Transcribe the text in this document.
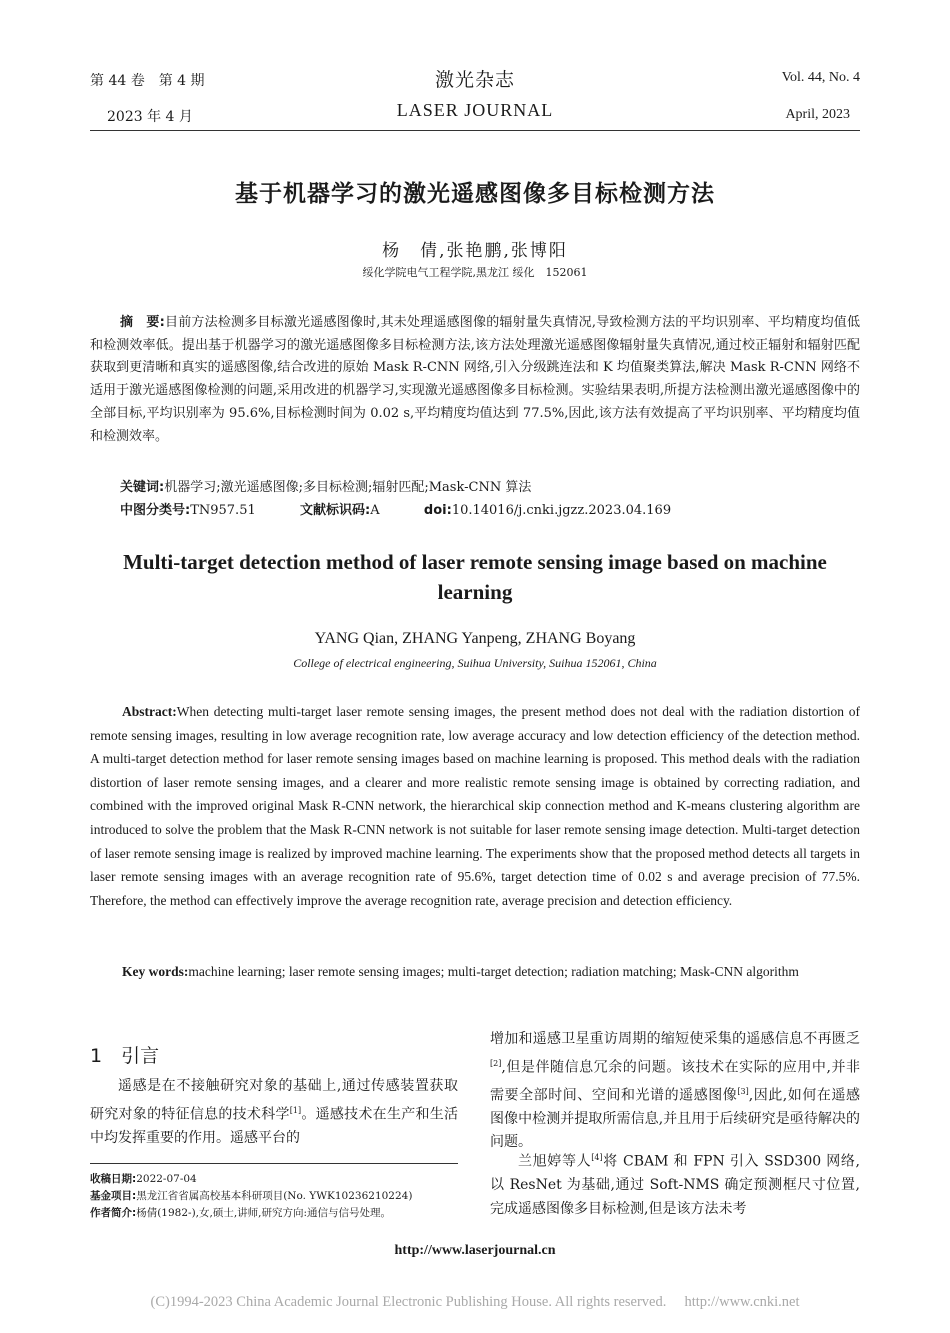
第 44 卷　第 4 期
2023 年 4 月
激光杂志
LASER JOURNAL
Vol. 44, No. 4
April, 2023
基于机器学习的激光遥感图像多目标检测方法
杨　倩,张艳鹏,张博阳
绥化学院电气工程学院,黑龙江 绥化　152061
摘　要:目前方法检测多目标激光遥感图像时,其未处理遥感图像的辐射量失真情况,导致检测方法的平均识别率、平均精度均值低和检测效率低。提出基于机器学习的激光遥感图像多目标检测方法,该方法处理激光遥感图像辐射量失真情况,通过校正辐射和辐射匹配获取到更清晰和真实的遥感图像,结合改进的原始 Mask R-CNN 网络,引入分级跳连法和 K 均值聚类算法,解决 Mask R-CNN 网络不适用于激光遥感图像检测的问题,采用改进的机器学习,实现激光遥感图像多目标检测。实验结果表明,所提方法检测出激光遥感图像中的全部目标,平均识别率为 95.6%,目标检测时间为 0.02 s,平均精度均值达到 77.5%,因此,该方法有效提高了平均识别率、平均精度均值和检测效率。
关键词:机器学习;激光遥感图像;多目标检测;辐射匹配;Mask-CNN 算法
中图分类号:TN957.51	文献标识码:A	doi:10.14016/j.cnki.jgzz.2023.04.169
Multi-target detection method of laser remote sensing image based on machine learning
YANG Qian, ZHANG Yanpeng, ZHANG Boyang
College of electrical engineering, Suihua University, Suihua 152061, China
Abstract:When detecting multi-target laser remote sensing images, the present method does not deal with the radiation distortion of remote sensing images, resulting in low average recognition rate, low average accuracy and low detection efficiency of the detection method. A multi-target detection method for laser remote sensing images based on machine learning is proposed. This method deals with the radiation distortion of laser remote sensing images, and a clearer and more realistic remote sensing image is obtained by correcting radiation, and combined with the improved original Mask R-CNN network, the hierarchical skip connection method and K-means clustering algorithm are introduced to solve the problem that the Mask R-CNN network is not suitable for laser remote sensing image detection. Multi-target detection of laser remote sensing image is realized by improved machine learning. The experiments show that the proposed method detects all targets in laser remote sensing images with an average recognition rate of 95.6%, target detection time of 0.02 s and average precision of 77.5%. Therefore, the method can effectively improve the average recognition rate, average precision and detection efficiency.
Key words:machine learning; laser remote sensing images; multi-target detection; radiation matching; Mask-CNN algorithm
1　引言
遥感是在不接触研究对象的基础上,通过传感装置获取研究对象的特征信息的技术科学[1]。遥感技术在生产和生活中均发挥重要的作用。遥感平台的
收稿日期:2022-07-04
基金项目:黑龙江省省属高校基本科研项目(No. YWK10236210224)
作者简介:杨倩(1982-),女,硕士,讲师,研究方向:通信与信号处理。
增加和遥感卫星重访周期的缩短使采集的遥感信息不再匮乏[2],但是伴随信息冗余的问题。该技术在实际的应用中,并非需要全部时间、空间和光谱的遥感图像[3],因此,如何在遥感图像中检测并提取所需信息,并且用于后续研究是亟待解决的问题。
兰旭婷等人[4]将 CBAM 和 FPN 引入 SSD300 网络,以 ResNet 为基础,通过 Soft-NMS 确定预测框尺寸位置,完成遥感图像多目标检测,但是该方法未考
http://www.laserjournal.cn
(C)1994-2023 China Academic Journal Electronic Publishing House. All rights reserved.　 http://www.cnki.net
